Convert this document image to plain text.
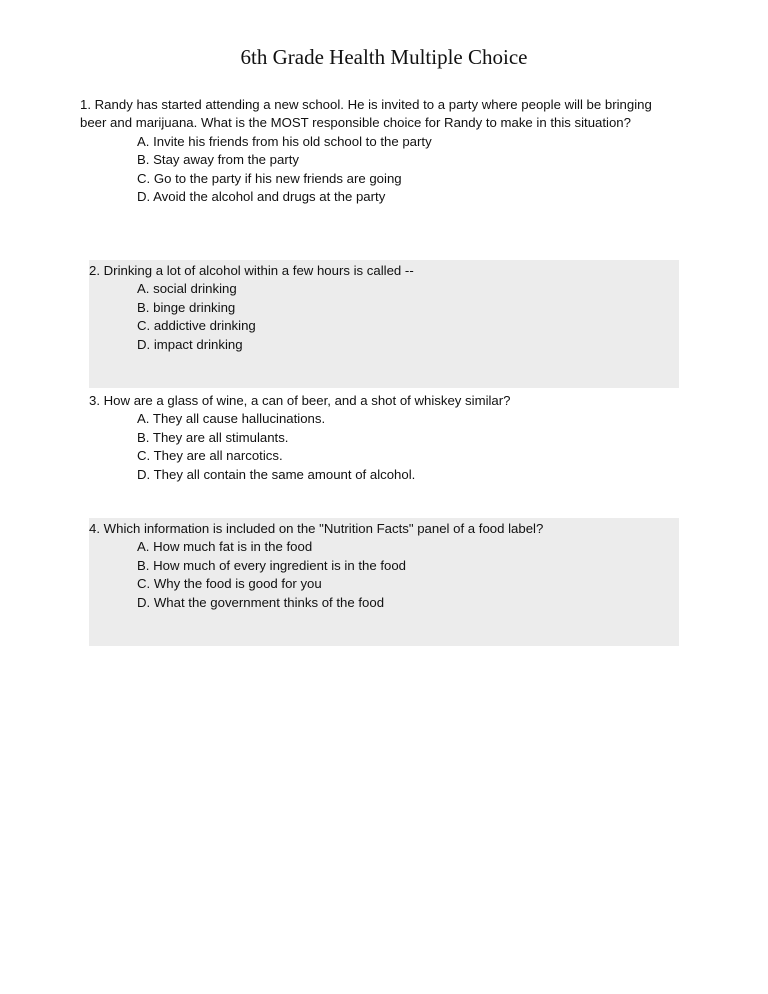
6th Grade Health Multiple Choice

1. Randy has started attending a new school. He is invited to a party where people will be bringing beer and marijuana. What is the MOST responsible choice for Randy to make in this situation?

A. Invite his friends from his old school to the party
B. Stay away from the party
C. Go to the party if his new friends are going
D. Avoid the alcohol and drugs at the party

2. Drinking a lot of alcohol within a few hours is called --

A. social drinking
B. binge drinking
C. addictive drinking
D. impact drinking

3. How are a glass of wine, a can of beer, and a shot of whiskey similar?

A. They all cause hallucinations.
B. They are all stimulants.
C. They are all narcotics.
D. They all contain the same amount of alcohol.

4. Which information is included on the "Nutrition Facts" panel of a food label?

A. How much fat is in the food
B. How much of every ingredient is in the food
C. Why the food is good for you
D. What the government thinks of the food
